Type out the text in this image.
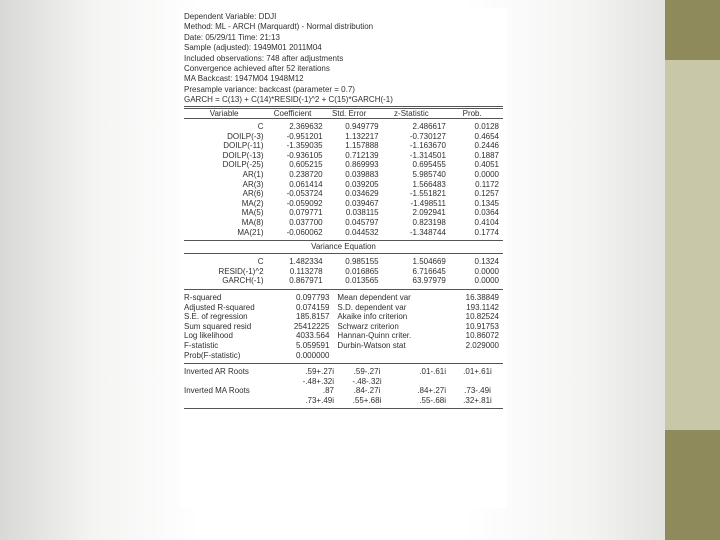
Dependent Variable: DDJI
Method: ML - ARCH (Marquardt) - Normal distribution
Date: 05/29/11 Time: 21:13
Sample (adjusted): 1949M01 2011M04
Included observations: 748 after adjustments
Convergence achieved after 52 iterations
MA Backcast: 1947M04 1948M12
Presample variance: backcast (parameter = 0.7)
GARCH = C(13) + C(14)*RESID(-1)^2 + C(15)*GARCH(-1)
Variable	Coefficient	Std. Error	z-Statistic	Prob.
C	2.369632	0.949779	2.486617	0.0128
DOILP(-3)	-0.951201	1.132217	-0.730127	0.4654
DOILP(-11)	-1.359035	1.157888	-1.163670	0.2446
DOILP(-13)	-0.936105	0.712139	-1.314501	0.1887
DOILP(-25)	0.605215	0.869993	0.695455	0.4051
AR(1)	0.238720	0.039883	5.985740	0.0000
AR(3)	0.061414	0.039205	1.566483	0.1172
AR(6)	-0.053724	0.034629	-1.551821	0.1257
MA(2)	-0.059092	0.039467	-1.498511	0.1345
MA(5)	0.079771	0.038115	2.092941	0.0364
MA(8)	0.037700	0.045797	0.823198	0.4104
MA(21)	-0.060062	0.044532	-1.348744	0.1774
Variance Equation
C	1.482334	0.985155	1.504669	0.1324
RESID(-1)^2	0.113278	0.016865	6.716645	0.0000
GARCH(-1)	0.867971	0.013565	63.97979	0.0000
R-squared	0.097793	Mean dependent var	16.38849
Adjusted R-squared	0.074159	S.D. dependent var	193.1142
S.E. of regression	185.8157	Akaike info criterion	10.82524
Sum squared resid	25412225	Schwarz criterion	10.91753
Log likelihood	4033.564	Hannan-Quinn criter.	10.86072
F-statistic	5.059591	Durbin-Watson stat	2.029000
Prob(F-statistic)	0.000000		
Inverted AR Roots	.59+.27i	.59-.27i	.01-.61i	.01+.61i
	-.48+.32i	-.48-.32i		
Inverted MA Roots	.87	.84-.27i	.84+.27i	.73-.49i
	.73+.49i	.55+.68i	.55-.68i	.32+.81i
